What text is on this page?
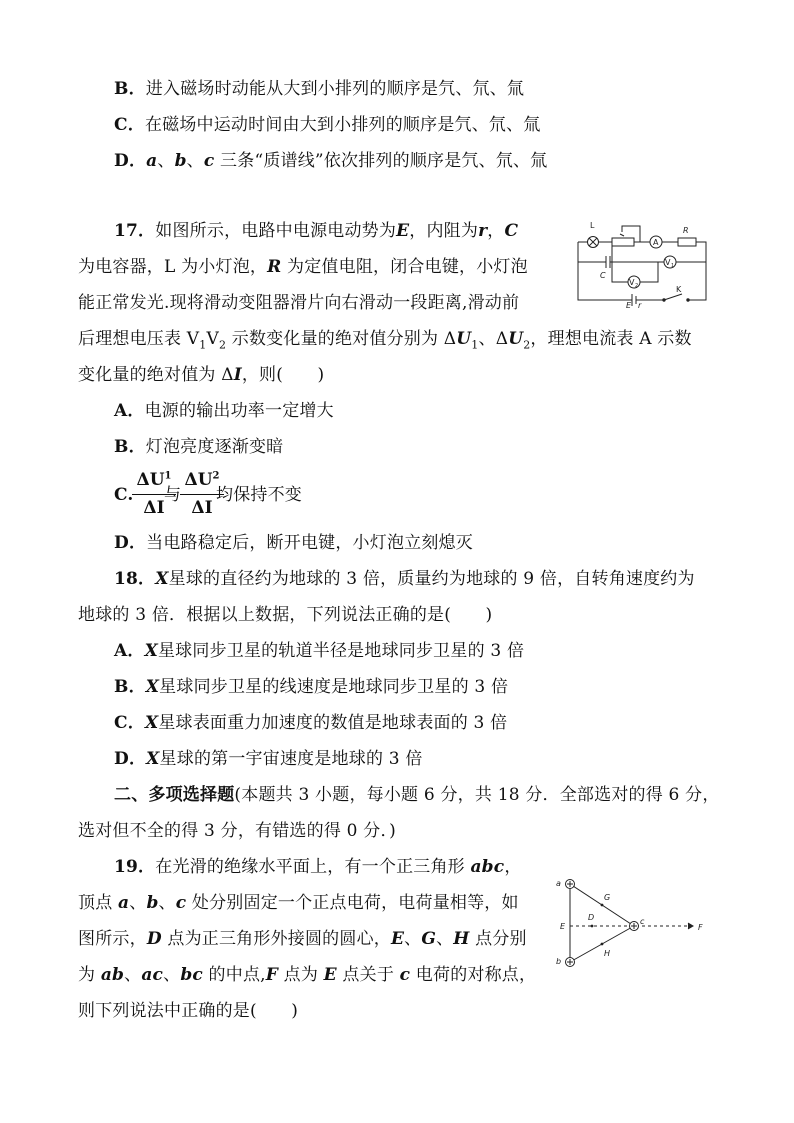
B．进入磁场时动能从大到小排列的顺序是氕、氘、氚
C．在磁场中运动时间由大到小排列的顺序是氕、氘、氚
D．a、b、c 三条“质谱线”依次排列的顺序是氕、氘、氚
17．如图所示，电路中电源电动势为E，内阻为r，C
为电容器，L 为小灯泡，R 为定值电阻，闭合电键，小灯泡
能正常发光.现将滑动变阻器滑片向右滑动一段距离,滑动前
后理想电压表 $V_1V_2$ 示数变化量的绝对值分别为 $\Delta U_1$、$\Delta U_2$，理想电流表 A 示数
变化量的绝对值为 ΔI，则(　　)
A．电源的输出功率一定增大
B．灯泡亮度逐渐变暗
C.
$\Delta U^1$
ΔI
与
$\Delta U^2$
ΔI
均保持不变
D．当电路稳定后，断开电键，小灯泡立刻熄灭
L
A
R
C
V 1
V 2
E r
K
18．X星球的直径约为地球的 3 倍，质量约为地球的 9 倍，自转角速度约为
地球的 3 倍．根据以上数据，下列说法正确的是(　　)
A．X星球同步卫星的轨道半径是地球同步卫星的 3 倍
B．X星球同步卫星的线速度是地球同步卫星的 3 倍
C．X星球表面重力加速度的数值是地球表面的 3 倍
D．X星球的第一宇宙速度是地球的 3 倍
二、多项选择题(本题共 3 小题，每小题 6 分，共 18 分．全部选对的得 6 分，
选对但不全的得 3 分，有错选的得 0 分．)
19．在光滑的绝缘水平面上，有一个正三角形 abc，
顶点 a、b、c 处分别固定一个正点电荷，电荷量相等，如
图所示，D 点为正三角形外接圆的圆心，E、G、H 点分别
为 ab、ac、bc 的中点,F 点为 E 点关于 c 电荷的对称点，
则下列说法中正确的是(　　)
a
b
c
D
E	F
G
H
